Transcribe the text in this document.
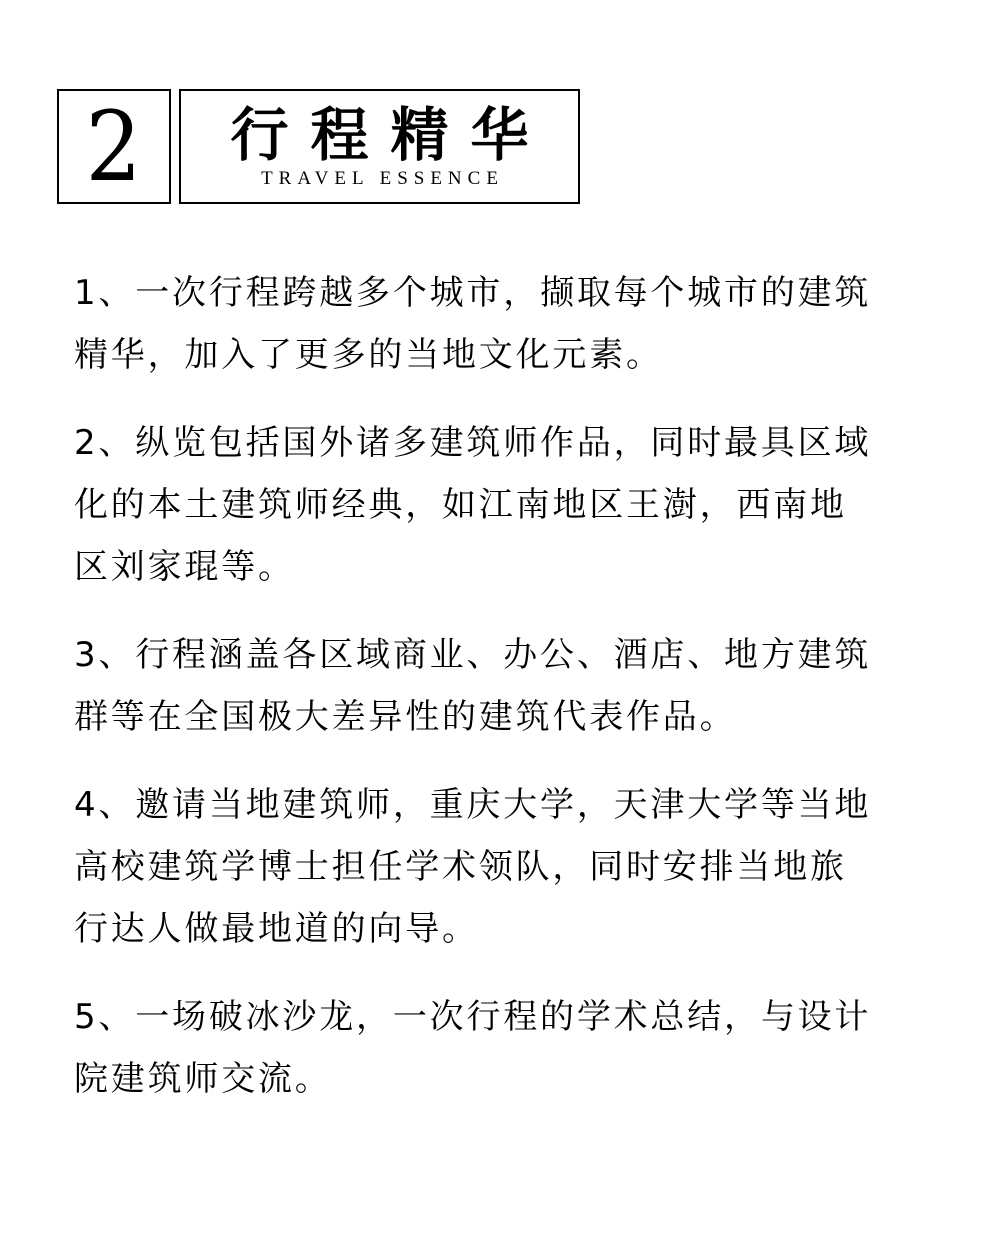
2 行程精华
TRAVEL ESSENCE

1、一次行程跨越多个城市，撷取每个城市的建筑
精华，加入了更多的当地文化元素。

2、纵览包括国外诸多建筑师作品，同时最具区域
化的本土建筑师经典，如江南地区王澍，西南地
区刘家琨等。

3、行程涵盖各区域商业、办公、酒店、地方建筑
群等在全国极大差异性的建筑代表作品。

4、邀请当地建筑师，重庆大学，天津大学等当地
高校建筑学博士担任学术领队，同时安排当地旅
行达人做最地道的向导。

5、一场破冰沙龙，一次行程的学术总结，与设计
院建筑师交流。
